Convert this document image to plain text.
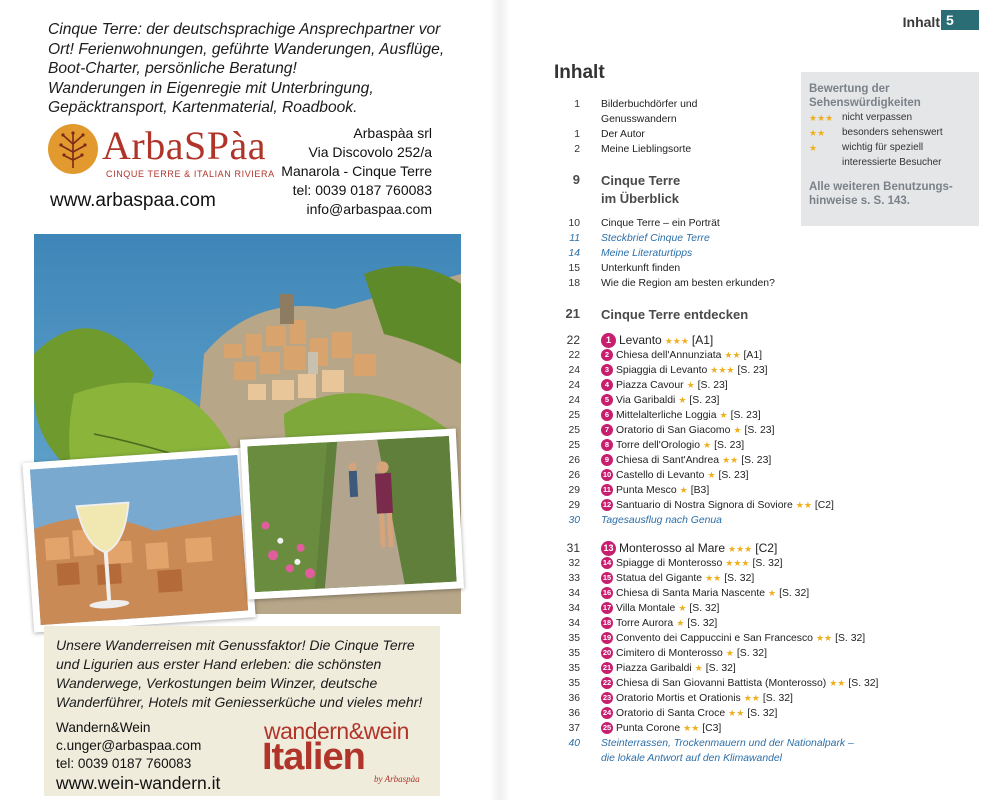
Cinque Terre: der deutschsprachige Ansprechpartner vor
Ort! Ferienwohnungen, geführte Wanderungen, Ausflüge,
Boot-Charter, persönliche Beratung!
Wanderungen in Eigenregie mit Unterbringung,
Gepäcktransport, Kartenmaterial, Roadbook.
ArbaSPàa
CINQUE TERRE & ITALIAN RIVIERA
www.arbaspaa.com
Arbaspàa srl
Via Discovolo 252/a
Manarola - Cinque Terre
tel: 0039 0187 760083
info@arbaspaa.com
Unsere Wanderreisen mit Genussfaktor! Die Cinque Terre
und Ligurien aus erster Hand erleben: die schönsten
Wanderwege, Verkostungen beim Winzer, deutsche
Wanderführer, Hotels mit Geniesserküche und vieles mehr!
Wandern&Wein
c.unger@arbaspaa.com
tel: 0039 0187 760083
www.wein-wandern.it
wandern&wein
Italien
by Arbaspàa
Inhalt 5
Inhalt
Bewertung der Sehenswürdigkeiten
★★★ nicht verpassen
★★	besonders sehenswert
★	wichtig für speziell
interessierte Besucher
Alle weiteren Benutzungs- hinweise s. S. 143.
1 Bilderbuchdörfer und
Genusswandern
1 Der Autor
2 Meine Lieblingsorte
9 Cinque Terre
im Überblick
10 Cinque Terre – ein Porträt
11 Steckbrief Cinque Terre
14 Meine Literaturtipps
15 Unterkunft finden
18 Wie die Region am besten erkunden?
21 Cinque Terre entdecken
22	1 Levanto ★★★ [A1]
22	2 Chiesa dell'Annunziata ★★ [A1]
24	3 Spiaggia di Levanto ★★★ [S. 23]
24	4 Piazza Cavour ★ [S. 23]
24	5 Via Garibaldi ★ [S. 23]
25	6 Mittelalterliche Loggia ★ [S. 23]
25	7 Oratorio di San Giacomo ★ [S. 23]
25	8 Torre dell'Orologio ★ [S. 23]
26	9 Chiesa di Sant'Andrea ★★ [S. 23]
26	10 Castello di Levanto ★ [S. 23]
29	11 Punta Mesco ★ [B3]
29	12 Santuario di Nostra Signora di Soviore ★★ [C2]
30 Tagesausflug nach Genua
31	13 Monterosso al Mare ★★★ [C2]
32	14 Spiagge di Monterosso ★★★ [S. 32]
33	15 Statua del Gigante ★★ [S. 32]
34	16 Chiesa di Santa Maria Nascente ★ [S. 32]
34	17 Villa Montale ★ [S. 32]
34	18 Torre Aurora ★ [S. 32]
35	19 Convento dei Cappuccini e San Francesco ★★ [S. 32]
35	20 Cimitero di Monterosso ★ [S. 32]
35	21 Piazza Garibaldi ★ [S. 32]
35	22 Chiesa di San Giovanni Battista (Monterosso) ★★ [S. 32]
36	23 Oratorio Mortis et Orationis ★★ [S. 32]
36	24 Oratorio di Santa Croce ★★ [S. 32]
37	25 Punta Corone ★★ [C3]
40 Steinterrassen, Trockenmauern und der Nationalpark –
die lokale Antwort auf den Klimawandel
